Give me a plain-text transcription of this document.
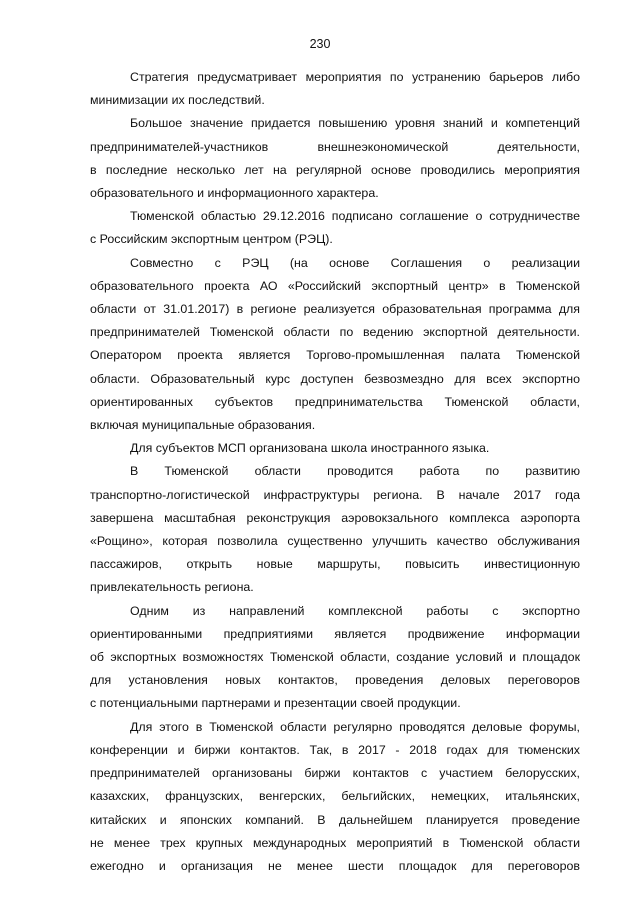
230
Стратегия предусматривает мероприятия по устранению барьеров либо
минимизации их последствий.
Большое значение придается повышению уровня знаний и компетенций
предпринимателей-участников внешнеэкономической деятельности,
в последние несколько лет на регулярной основе проводились мероприятия
образовательного и информационного характера.
Тюменской областью 29.12.2016 подписано соглашение о сотрудничестве
с Российским экспортным центром (РЭЦ).
Совместно с РЭЦ (на основе Соглашения о реализации
образовательного проекта АО «Российский экспортный центр» в Тюменской
области от 31.01.2017) в регионе реализуется образовательная программа для
предпринимателей Тюменской области по ведению экспортной деятельности.
Оператором проекта является Торгово-промышленная палата Тюменской
области. Образовательный курс доступен безвозмездно для всех экспортно
ориентированных субъектов предпринимательства Тюменской области,
включая муниципальные образования.
Для субъектов МСП организована школа иностранного языка.
В Тюменской области проводится работа по развитию
транспортно-логистической инфраструктуры региона. В начале 2017 года
завершена масштабная реконструкция аэровокзального комплекса аэропорта
«Рощино», которая позволила существенно улучшить качество обслуживания
пассажиров, открыть новые маршруты, повысить инвестиционную
привлекательность региона.
Одним из направлений комплексной работы с экспортно
ориентированными предприятиями является продвижение информации
об экспортных возможностях Тюменской области, создание условий и площадок
для установления новых контактов, проведения деловых переговоров
с потенциальными партнерами и презентации своей продукции.
Для этого в Тюменской области регулярно проводятся деловые форумы,
конференции и биржи контактов. Так, в 2017 - 2018 годах для тюменских
предпринимателей организованы биржи контактов с участием белорусских,
казахских, французских, венгерских, бельгийских, немецких, итальянских,
китайских и японских компаний. В дальнейшем планируется проведение
не менее трех крупных международных мероприятий в Тюменской области
ежегодно и организация не менее шести площадок для переговоров
